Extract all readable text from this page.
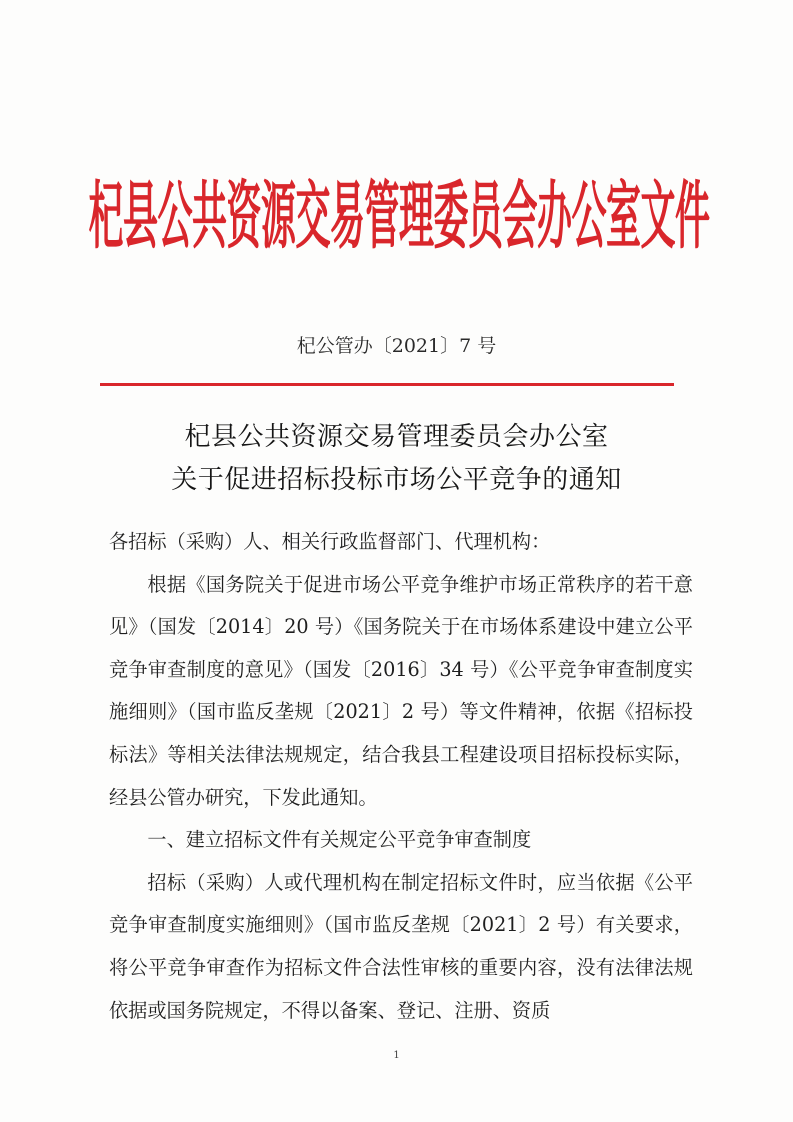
杞县公共资源交易管理委员会办公室文件
杞公管办〔2021〕7 号
杞县公共资源交易管理委员会办公室
关于促进招标投标市场公平竞争的通知

各招标（采购）人、相关行政监督部门、代理机构：

根据《国务院关于促进市场公平竞争维护市场正常秩序的若干意见》（国发〔2014〕20 号）《国务院关于在市场体系建设中建立公平竞争审查制度的意见》（国发〔2016〕34 号）《公平竞争审查制度实施细则》（国市监反垄规〔2021〕2 号）等文件精神，依据《招标投标法》等相关法律法规规定，结合我县工程建设项目招标投标实际，经县公管办研究，下发此通知。

一、建立招标文件有关规定公平竞争审查制度

招标（采购）人或代理机构在制定招标文件时，应当依据《公平竞争审查制度实施细则》（国市监反垄规〔2021〕2 号）有关要求，将公平竞争审查作为招标文件合法性审核的重要内容，没有法律法规依据或国务院规定，不得以备案、登记、注册、资质

1
